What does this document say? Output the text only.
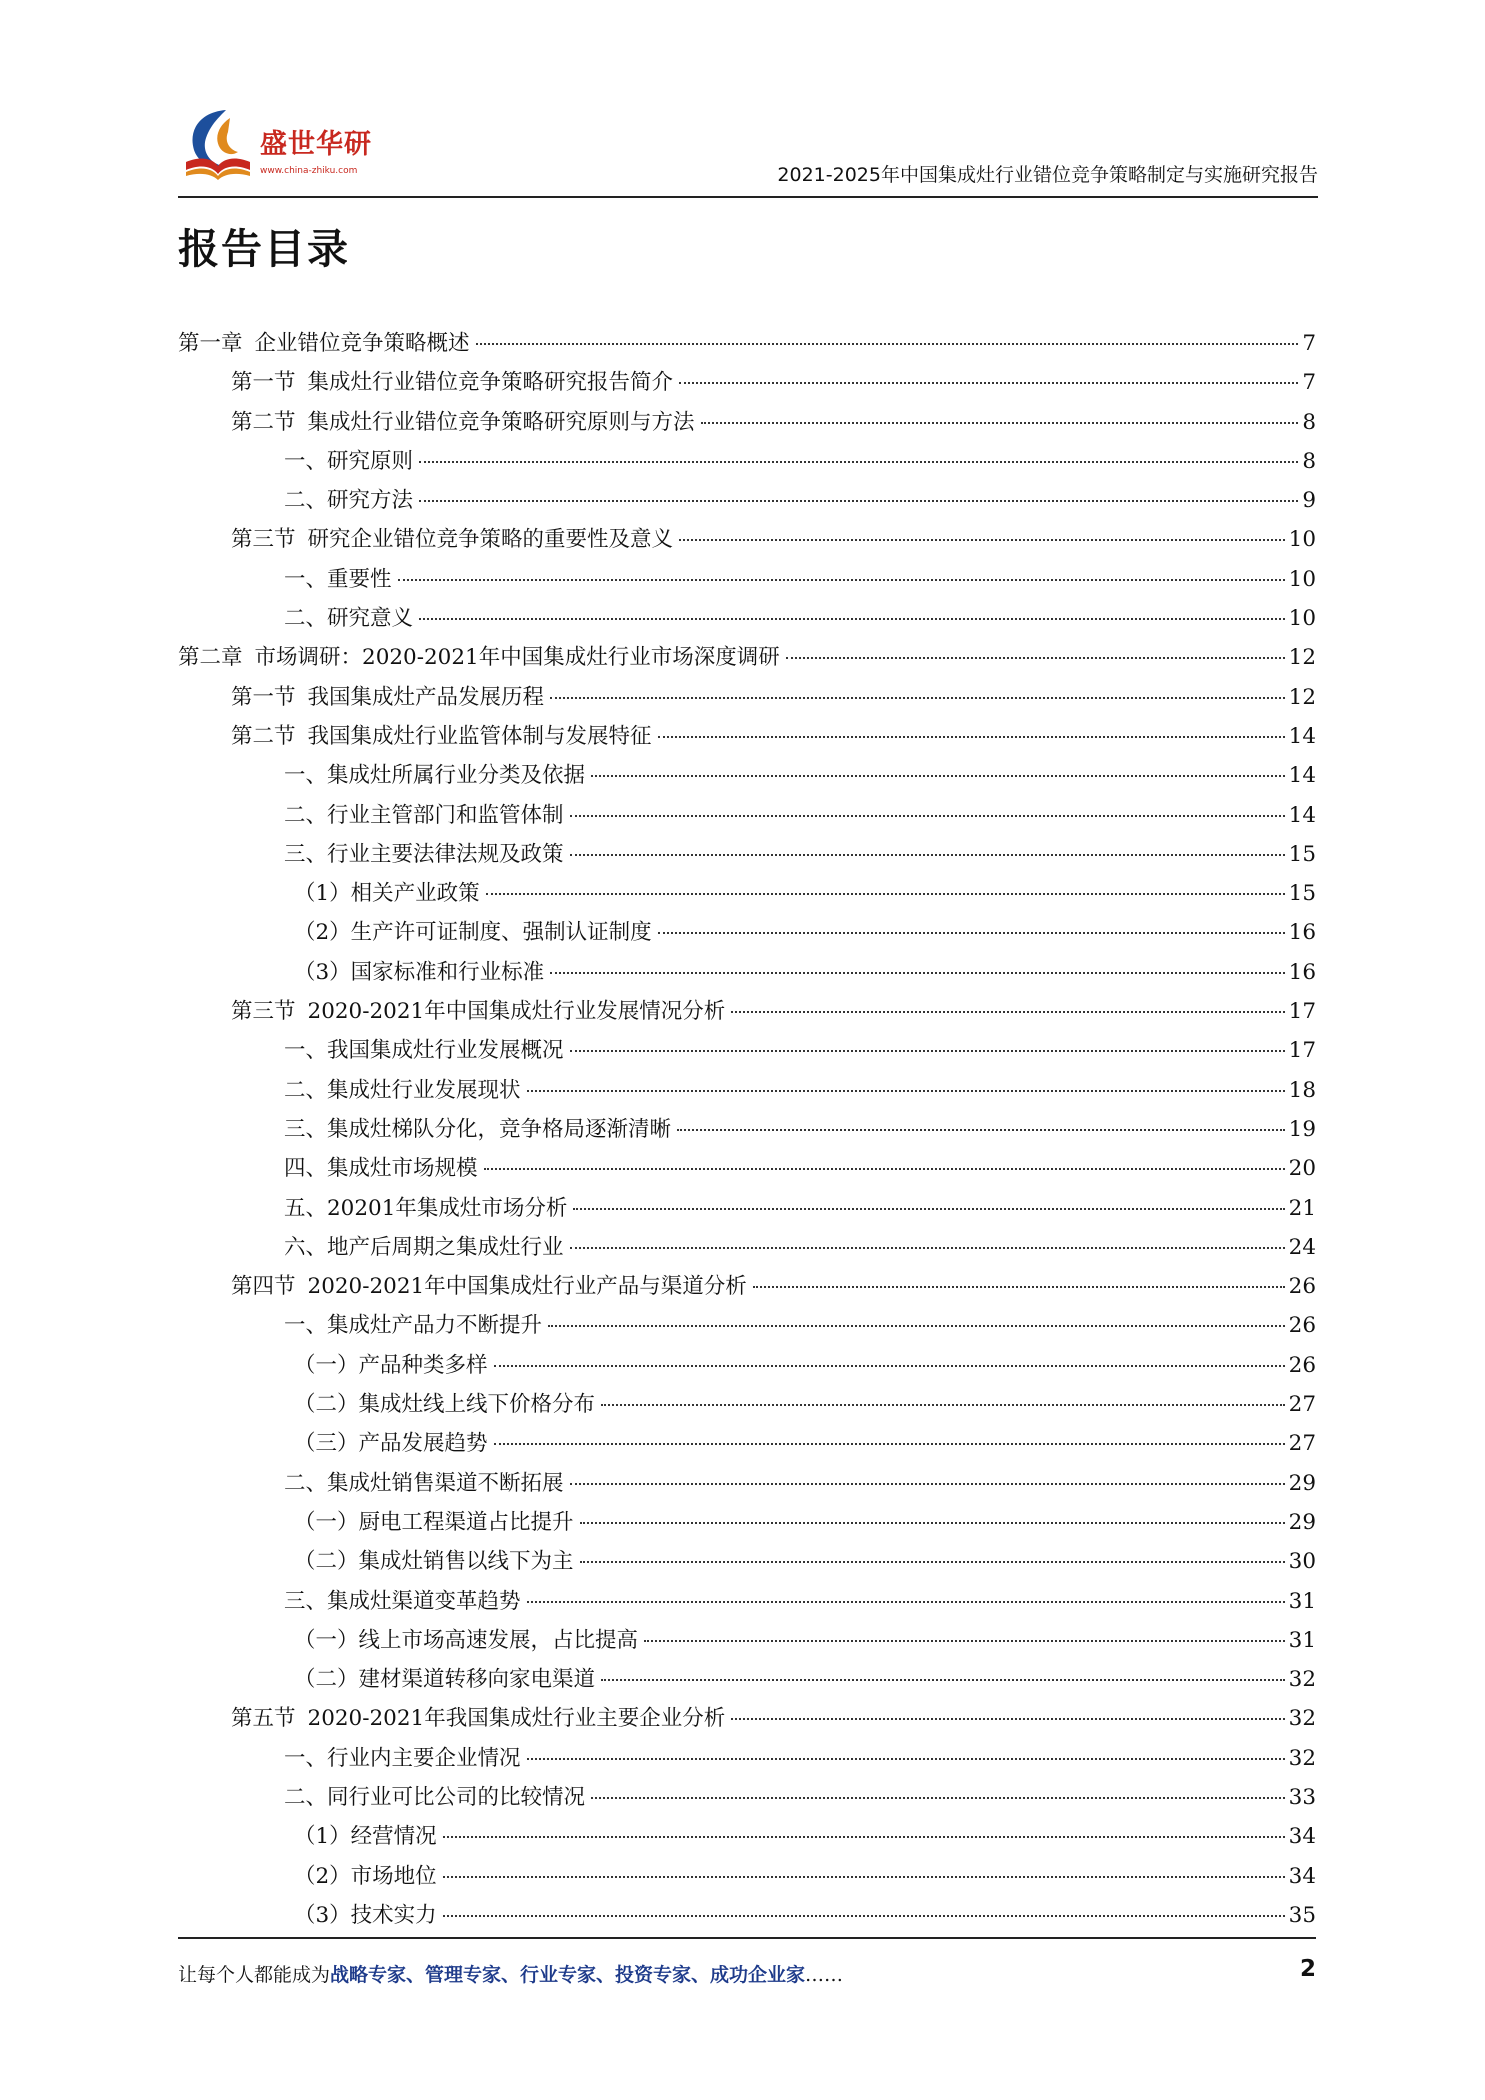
盛世华研
www.china-zhiku.com	2021-2025年中国集成灶行业错位竞争策略制定与实施研究报告
报告目录
第一章 企业错位竞争策略概述	7
第一节 集成灶行业错位竞争策略研究报告简介	7
第二节 集成灶行业错位竞争策略研究原则与方法	8
一、研究原则	8
二、研究方法	9
第三节 研究企业错位竞争策略的重要性及意义	10
一、重要性	10
二、研究意义	10
第二章 市场调研：2020-2021年中国集成灶行业市场深度调研	12
第一节 我国集成灶产品发展历程	12
第二节 我国集成灶行业监管体制与发展特征	14
一、集成灶所属行业分类及依据	14
二、行业主管部门和监管体制	14
三、行业主要法律法规及政策	15
（1）相关产业政策	15
（2）生产许可证制度、强制认证制度	16
（3）国家标准和行业标准	16
第三节 2020-2021年中国集成灶行业发展情况分析	17
一、我国集成灶行业发展概况	17
二、集成灶行业发展现状	18
三、集成灶梯队分化，竞争格局逐渐清晰	19
四、集成灶市场规模	20
五、20201年集成灶市场分析	21
六、地产后周期之集成灶行业	24
第四节 2020-2021年中国集成灶行业产品与渠道分析	26
一、集成灶产品力不断提升	26
（一）产品种类多样	26
（二）集成灶线上线下价格分布	27
（三）产品发展趋势	27
二、集成灶销售渠道不断拓展	29
（一）厨电工程渠道占比提升	29
（二）集成灶销售以线下为主	30
三、集成灶渠道变革趋势	31
（一）线上市场高速发展，占比提高	31
（二）建材渠道转移向家电渠道	32
第五节 2020-2021年我国集成灶行业主要企业分析	32
一、行业内主要企业情况	32
二、同行业可比公司的比较情况	33
（1）经营情况	34
（2）市场地位	34
（3）技术实力	35
让每个人都能成为战略专家、管理专家、行业专家、投资专家、成功企业家……	2
